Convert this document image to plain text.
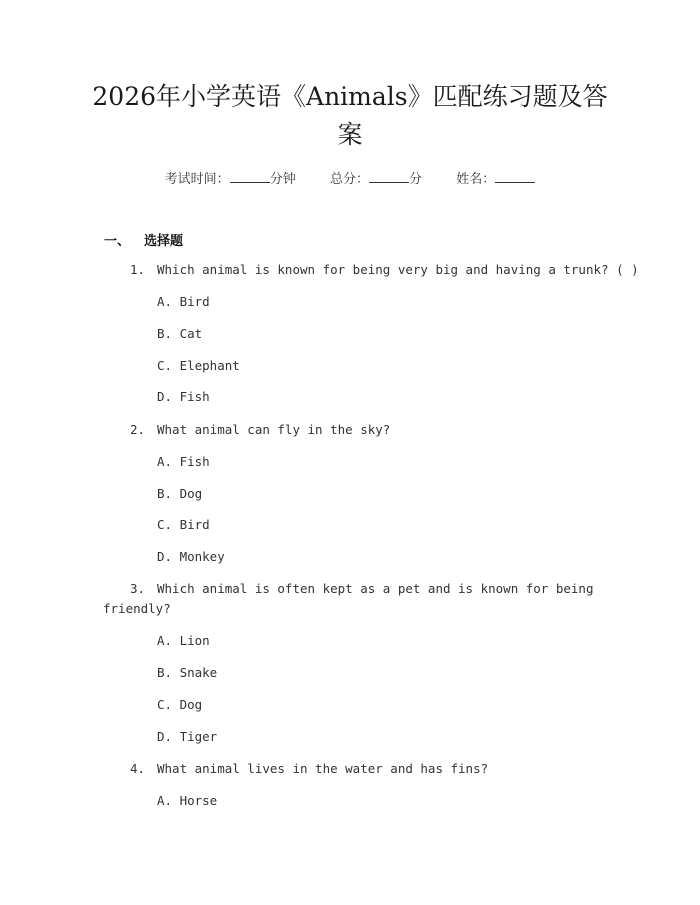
2026年小学英语《Animals》匹配练习题及答案
考试时间：	分钟	总分：	分	姓名：
一、 选择题
1. Which animal is known for being very big and having a trunk? ( )
A. Bird
B. Cat
C. Elephant
D. Fish
2. What animal can fly in the sky?
A. Fish
B. Dog
C. Bird
D. Monkey
3. Which animal is often kept as a pet and is known for being
friendly?
A. Lion
B. Snake
C. Dog
D. Tiger
4. What animal lives in the water and has fins?
A. Horse
